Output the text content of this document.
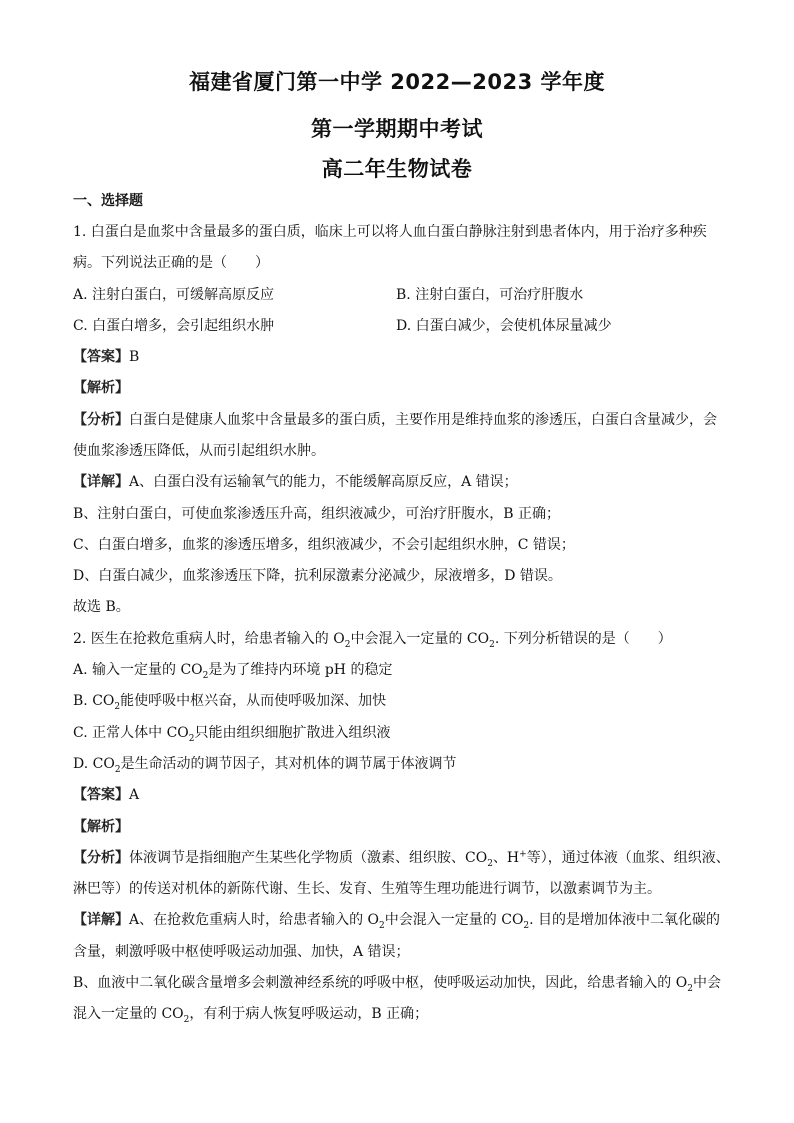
福建省厦门第一中学 2022—2023 学年度
第一学期期中考试
高二年生物试卷
一、选择题
1. 白蛋白是血浆中含量最多的蛋白质，临床上可以将人血白蛋白静脉注射到患者体内，用于治疗多种疾
病。下列说法正确的是（　　）
A. 注射白蛋白，可缓解高原反应	B. 注射白蛋白，可治疗肝腹水
C. 白蛋白增多，会引起组织水肿	D. 白蛋白减少，会使机体尿量减少
【答案】B
【解析】
【分析】白蛋白是健康人血浆中含量最多的蛋白质，主要作用是维持血浆的渗透压，白蛋白含量减少，会
使血浆渗透压降低，从而引起组织水肿。
【详解】A、白蛋白没有运输氧气的能力，不能缓解高原反应，A 错误；
B、注射白蛋白，可使血浆渗透压升高，组织液减少，可治疗肝腹水，B 正确；
C、白蛋白增多，血浆的渗透压增多，组织液减少，不会引起组织水肿，C 错误；
D、白蛋白减少，血浆渗透压下降，抗利尿激素分泌减少，尿液增多，D 错误。
故选 B。
2. 医生在抢救危重病人时，给患者输入的 $O_2$中会混入一定量的 $CO_2$. 下列分析错误的是（　　）
A. 输入一定量的 $CO_2$是为了维持内环境 pH 的稳定
B. $CO_2$能使呼吸中枢兴奋，从而使呼吸加深、加快
C. 正常人体中 $CO_2$只能由组织细胞扩散进入组织液
D. $CO_2$是生命活动的调节因子，其对机体的调节属于体液调节
【答案】A
【解析】
【分析】体液调节是指细胞产生某些化学物质（激素、组织胺、$CO_2$、H+等），通过体液（血浆、组织液、
淋巴等）的传送对机体的新陈代谢、生长、发育、生殖等生理功能进行调节，以激素调节为主。
【详解】A、在抢救危重病人时，给患者输入的 $O_2$中会混入一定量的 $CO_2$. 目的是增加体液中二氧化碳的
含量，刺激呼吸中枢使呼吸运动加强、加快，A 错误；
B、血液中二氧化碳含量增多会刺激神经系统的呼吸中枢，使呼吸运动加快，因此，给患者输入的 $O_2$中会
混入一定量的 $CO_2$，有利于病人恢复呼吸运动，B 正确；
